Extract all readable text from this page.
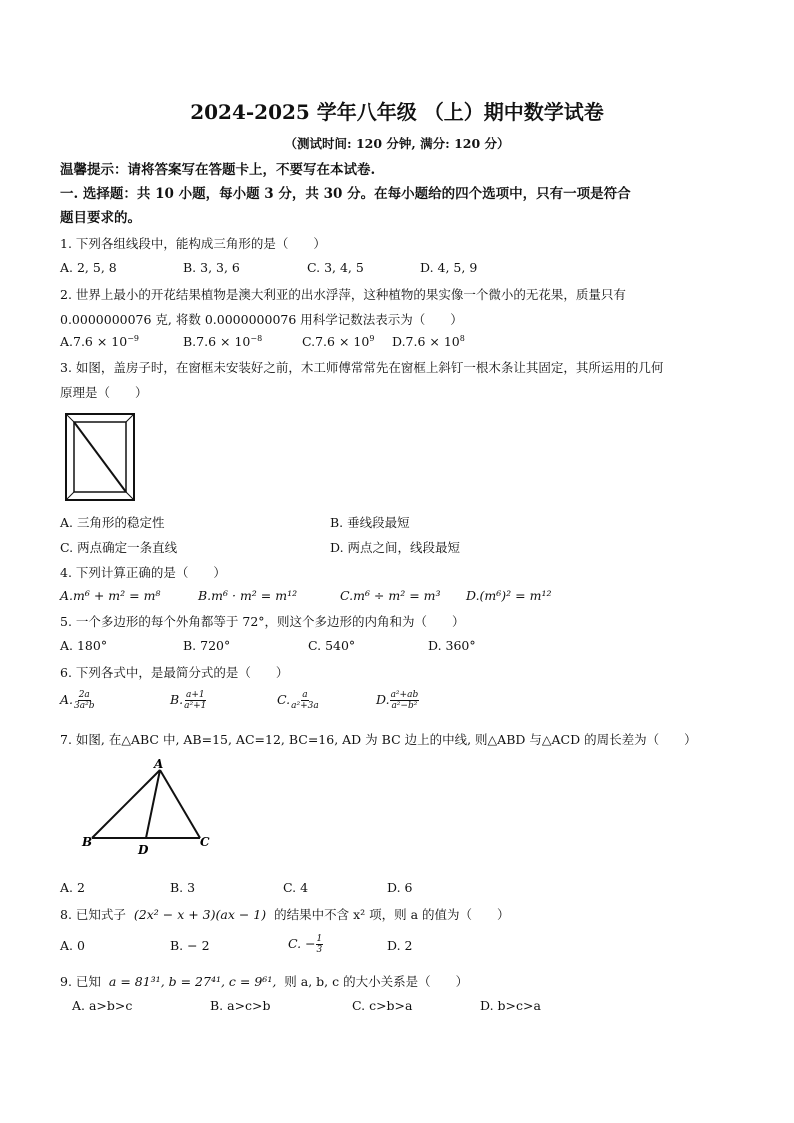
2024-2025 学年八年级 （上）期中数学试卷
（测试时间: 120 分钟, 满分: 120 分）
温馨提示：请将答案写在答题卡上，不要写在本试卷.
一. 选择题：共 10 小题，每小题 3 分，共 30 分。在每小题给的四个选项中，只有一项是符合
题目要求的。
1. 下列各组线段中，能构成三角形的是（　　）
A. 2, 5, 8	B. 3, 3, 6	C. 3, 4, 5	D. 4, 5, 9
2. 世界上最小的开花结果植物是澳大利亚的出水浮萍，这种植物的果实像一个微小的无花果，质量只有
0.0000000076 克, 将数 0.0000000076 用科学记数法表示为（　　）
$A.7.6 \times 10^{-9}$	$B.7.6 \times 10^{-8}$	$C.7.6 \times 10^9$ $D.7.6 \times 10^8$
3. 如图，盖房子时，在窗框未安装好之前，木工师傅常常先在窗框上斜钉一根木条让其固定，其所运用的几何
原理是（　　）
A. 三角形的稳定性	B. 垂线段最短
C. 两点确定一条直线	D. 两点之间，线段最短
4. 下列计算正确的是（　　）
A.m⁶ + m² = m⁸	B.m⁶ · m² = m¹²	C.m⁶ ÷ m² = m³ D.(m⁶)² = m¹²
5. 一个多边形的每个外角都等于 72°，则这个多边形的内角和为（　　）
A. 180°	B. 720°	C. 540°	D. 360°
6. 下列各式中，是最简分式的是（　　）
A. $\frac{2a}{\text{3a²b}}$	B. $\frac{a+1}{\text{a²+1}}$	C. $\frac{a}{\text{a²+3a}}$	D. $\frac{\text{a²+ab}}{\text{a²−b²}}$
7. 如图, 在△ABC 中, AB=15, AC=12, BC=16, AD 为 BC 边上的中线, 则△ABD 与△ACD 的周长差为（　　）
A
B	C
D
A. 2	B. 3	C. 4	D. 6
8. 已知式子 (2x² − x + 3)(ax − 1) 的结果中不含 x² 项，则 a 的值为（　　）
A. 0	B. − 2	C. − $\frac{1}{3}$	D. 2
9. 已知 a = 81³¹, b = 27⁴¹, c = 9⁶¹, 则 a, b, c 的大小关系是（　　）
A. a>b>c	B. a>c>b	C. c>b>a	D. b>c>a
